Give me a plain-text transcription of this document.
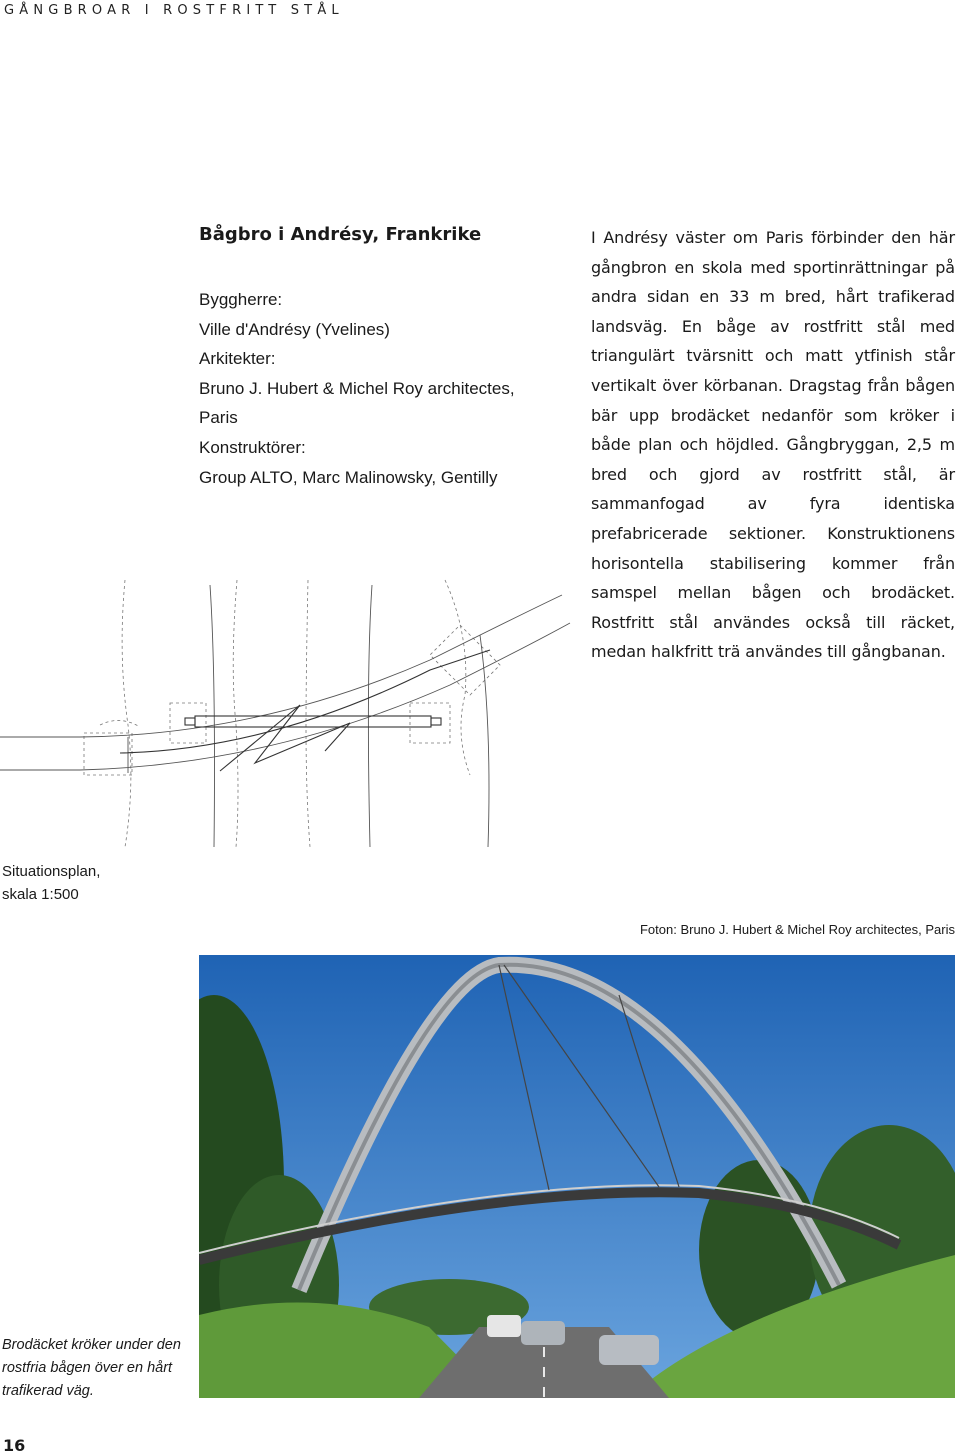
GÅNGBROAR I ROSTFRITT STÅL
Bågbro i Andrésy, Frankrike
Byggherre:
Ville d'Andrésy (Yvelines)
Arkitekter:
Bruno J. Hubert & Michel Roy architectes,
Paris
Konstruktörer:
Group ALTO, Marc Malinowsky, Gentilly

I Andrésy väster om Paris förbinder den här gångbron en skola med sportinrättningar på andra sidan en 33 m bred, hårt trafikerad landsväg. En båge av rostfritt stål med triangulärt tvärsnitt och matt ytfinish står vertikalt över körbanan. Dragstag från bågen bär upp brodäcket nedanför som kröker i både plan och höjdled. Gångbryggan, 2,5 m bred och gjord av rostfritt stål, är sammanfogad av fyra identiska prefabricerade sektioner. Konstruktionens horisontella stabilisering kommer från samspel mellan bågen och brodäcket. Rostfritt stål användes också till räcket, medan halkfritt trä användes till gångbanan.

Situationsplan,
skala 1:500
Foton: Bruno J. Hubert & Michel Roy architectes, Paris
Brodäcket kröker under den rostfria bågen över en hårt trafikerad väg.
16
